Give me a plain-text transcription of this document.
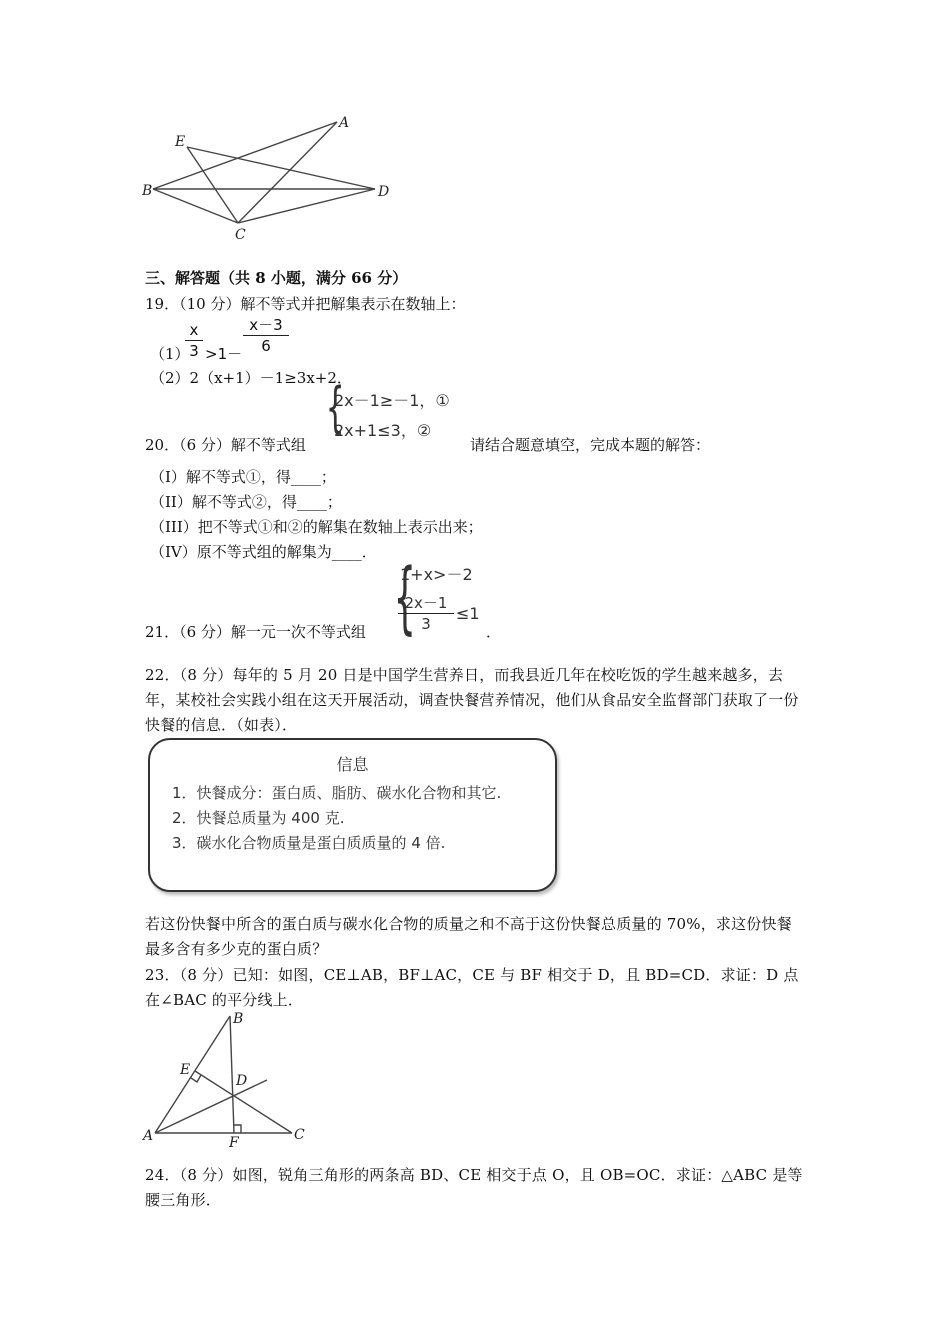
A
E
B	D
C
三、解答题（共 8 小题，满分 66 分）
19．（10 分）解不等式并把解集表示在数轴上：
（1）
$\frac{x}{3} >1- \frac{x-3}{6}$
（2）2（x+1）－1≥3x+2．
{
2x－1≥－1，①
2x+1≤3，②
20．（6 分）解不等式组	请结合题意填空，完成本题的解答：
（I）解不等式①，得____；
（II）解不等式②，得____；
（III）把不等式①和②的解集在数轴上表示出来；
（IV）原不等式组的解集为____．
{
1+x>－2
$\frac{2x-1}{3} \le 1$
21．（6 分）解一元一次不等式组	．
22．（8 分）每年的 5 月 20 日是中国学生营养日，而我县近几年在校吃饭的学生越来越多，去年，某校社会实践小组在这天开展活动，调查快餐营养情况，他们从食品安全监督部门获取了一份快餐的信息．（如表）．
信息
1．快餐成分：蛋白质、脂肪、碳水化合物和其它.
2．快餐总质量为 400 克.
3．碳水化合物质量是蛋白质质量的 4 倍.
若这份快餐中所含的蛋白质与碳水化合物的质量之和不高于这份快餐总质量的 70%，求这份快餐最多含有多少克的蛋白质？
23．（8 分）已知：如图，CE⊥AB，BF⊥AC，CE 与 BF 相交于 D，且 BD=CD．求证：D 点在∠BAC 的平分线上．
B
E
D
A	F	C
24．（8 分）如图，锐角三角形的两条高 BD、CE 相交于点 O，且 OB=OC．求证：△ABC 是等腰三角形．
